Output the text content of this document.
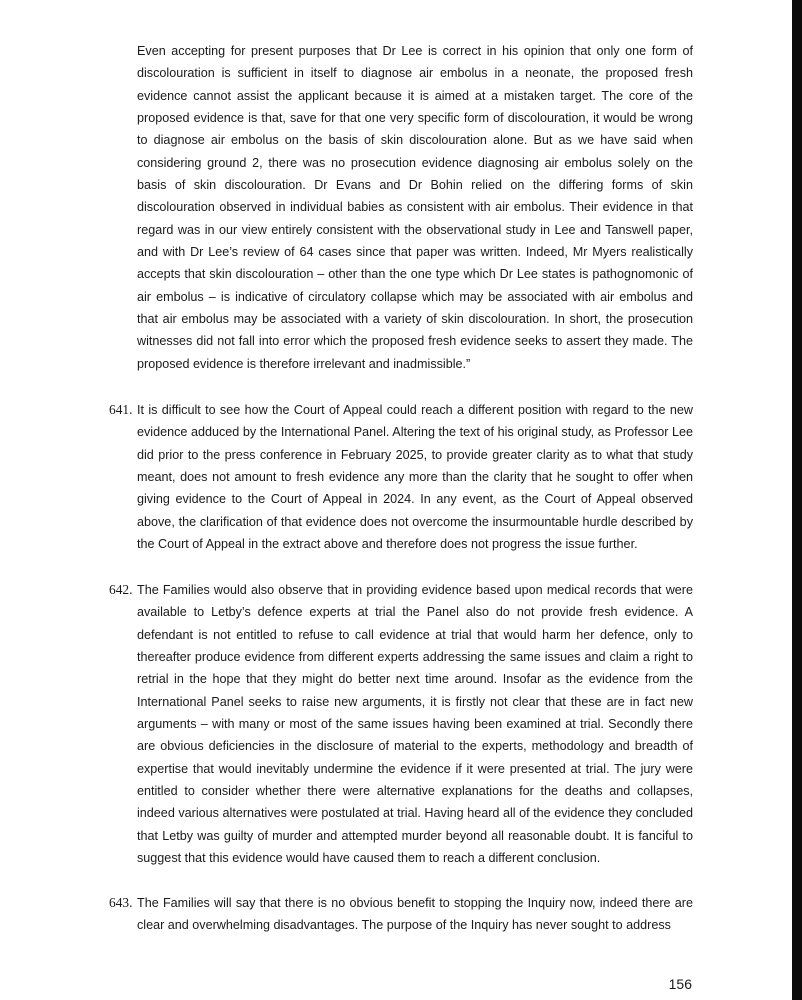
Even accepting for present purposes that Dr Lee is correct in his opinion that only one form of discolouration is sufficient in itself to diagnose air embolus in a neonate, the proposed fresh evidence cannot assist the applicant because it is aimed at a mistaken target. The core of the proposed evidence is that, save for that one very specific form of discolouration, it would be wrong to diagnose air embolus on the basis of skin discolouration alone. But as we have said when considering ground 2, there was no prosecution evidence diagnosing air embolus solely on the basis of skin discolouration. Dr Evans and Dr Bohin relied on the differing forms of skin discolouration observed in individual babies as consistent with air embolus. Their evidence in that regard was in our view entirely consistent with the observational study in Lee and Tanswell paper, and with Dr Lee’s review of 64 cases since that paper was written. Indeed, Mr Myers realistically accepts that skin discolouration – other than the one type which Dr Lee states is pathognomonic of air embolus – is indicative of circulatory collapse which may be associated with air embolus and that air embolus may be associated with a variety of skin discolouration. In short, the prosecution witnesses did not fall into error which the proposed fresh evidence seeks to assert they made. The proposed evidence is therefore irrelevant and inadmissible.”

641. It is difficult to see how the Court of Appeal could reach a different position with regard to the new evidence adduced by the International Panel. Altering the text of his original study, as Professor Lee did prior to the press conference in February 2025, to provide greater clarity as to what that study meant, does not amount to fresh evidence any more than the clarity that he sought to offer when giving evidence to the Court of Appeal in 2024. In any event, as the Court of Appeal observed above, the clarification of that evidence does not overcome the insurmountable hurdle described by the Court of Appeal in the extract above and therefore does not progress the issue further.

642. The Families would also observe that in providing evidence based upon medical records that were available to Letby’s defence experts at trial the Panel also do not provide fresh evidence. A defendant is not entitled to refuse to call evidence at trial that would harm her defence, only to thereafter produce evidence from different experts addressing the same issues and claim a right to retrial in the hope that they might do better next time around. Insofar as the evidence from the International Panel seeks to raise new arguments, it is firstly not clear that these are in fact new arguments – with many or most of the same issues having been examined at trial. Secondly there are obvious deficiencies in the disclosure of material to the experts, methodology and breadth of expertise that would inevitably undermine the evidence if it were presented at trial. The jury were entitled to consider whether there were alternative explanations for the deaths and collapses, indeed various alternatives were postulated at trial. Having heard all of the evidence they concluded that Letby was guilty of murder and attempted murder beyond all reasonable doubt. It is fanciful to suggest that this evidence would have caused them to reach a different conclusion.

643. The Families will say that there is no obvious benefit to stopping the Inquiry now, indeed there are clear and overwhelming disadvantages. The purpose of the Inquiry has never sought to address

156
